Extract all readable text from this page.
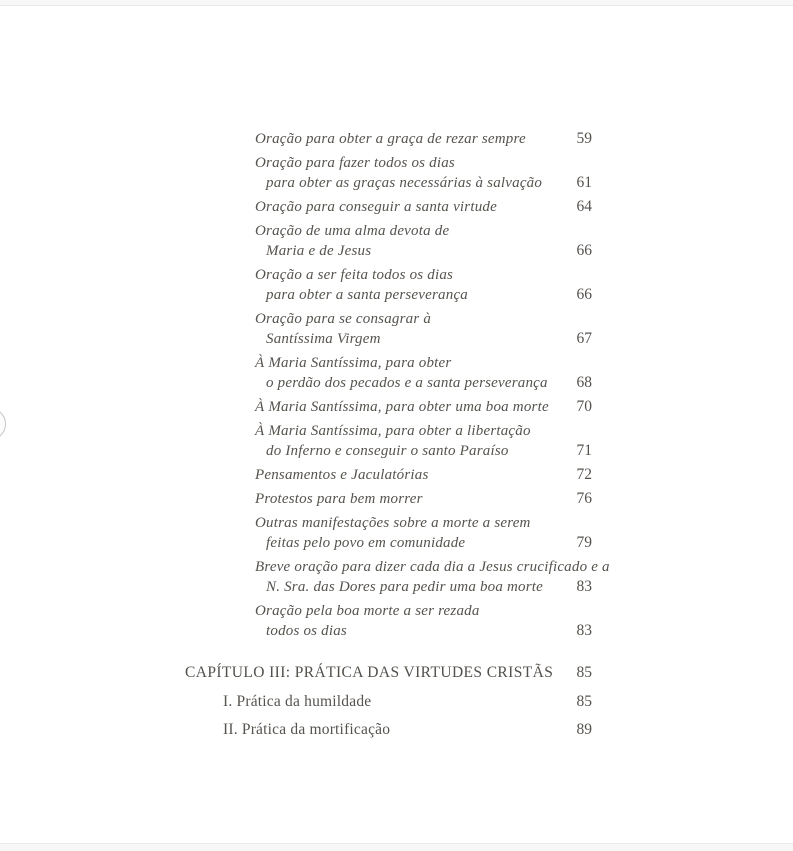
Oração para obter a graça de rezar sempre	59
Oração para fazer todos os dias
para obter as graças necessárias à salvação	61
Oração para conseguir a santa virtude	64
Oração de uma alma devota de
Maria e de Jesus	66
Oração a ser feita todos os dias
para obter a santa perseverança	66
Oração para se consagrar à
Santíssima Virgem	67
À Maria Santíssima, para obter
o perdão dos pecados e a santa perseverança	68
À Maria Santíssima, para obter uma boa morte	70
À Maria Santíssima, para obter a libertação
do Inferno e conseguir o santo Paraíso	71
Pensamentos e Jaculatórias	72
Protestos para bem morrer	76
Outras manifestações sobre a morte a serem
feitas pelo povo em comunidade	79
Breve oração para dizer cada dia a Jesus crucificado e a
N. Sra. das Dores para pedir uma boa morte	83
Oração pela boa morte a ser rezada
todos os dias	83
CAPÍTULO III: PRÁTICA DAS VIRTUDES CRISTÃS	85
I. Prática da humildade	85
II. Prática da mortificação	89
